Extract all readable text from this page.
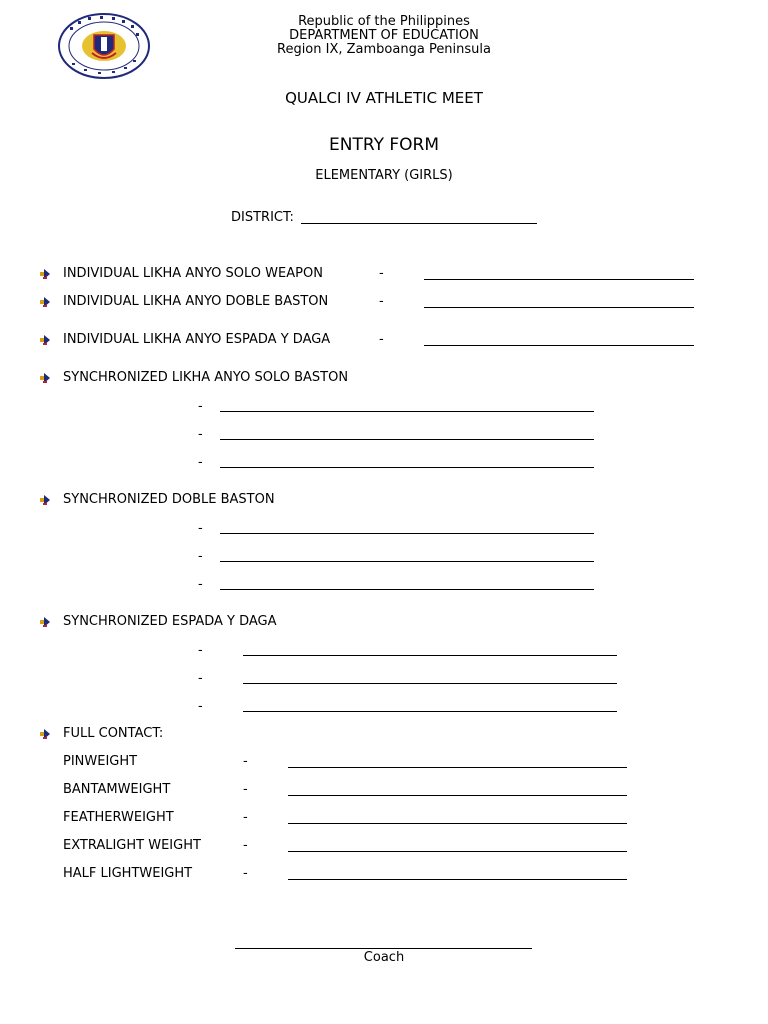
Republic of the Philippines
DEPARTMENT OF EDUCATION
Region IX, Zamboanga Peninsula
QUALCI IV ATHLETIC MEET
ENTRY FORM
ELEMENTARY (GIRLS)
DISTRICT:
INDIVIDUAL LIKHA ANYO SOLO WEAPON	-
INDIVIDUAL LIKHA ANYO DOBLE BASTON	-
INDIVIDUAL LIKHA ANYO ESPADA Y DAGA	-
SYNCHRONIZED LIKHA ANYO SOLO BASTON
-
-
-
SYNCHRONIZED DOBLE BASTON
-
-
-
SYNCHRONIZED ESPADA Y DAGA
-
-
-
FULL CONTACT:
PINWEIGHT	-
BANTAMWEIGHT	-
FEATHERWEIGHT	-
EXTRALIGHT WEIGHT	-
HALF LIGHTWEIGHT	-
Coach
